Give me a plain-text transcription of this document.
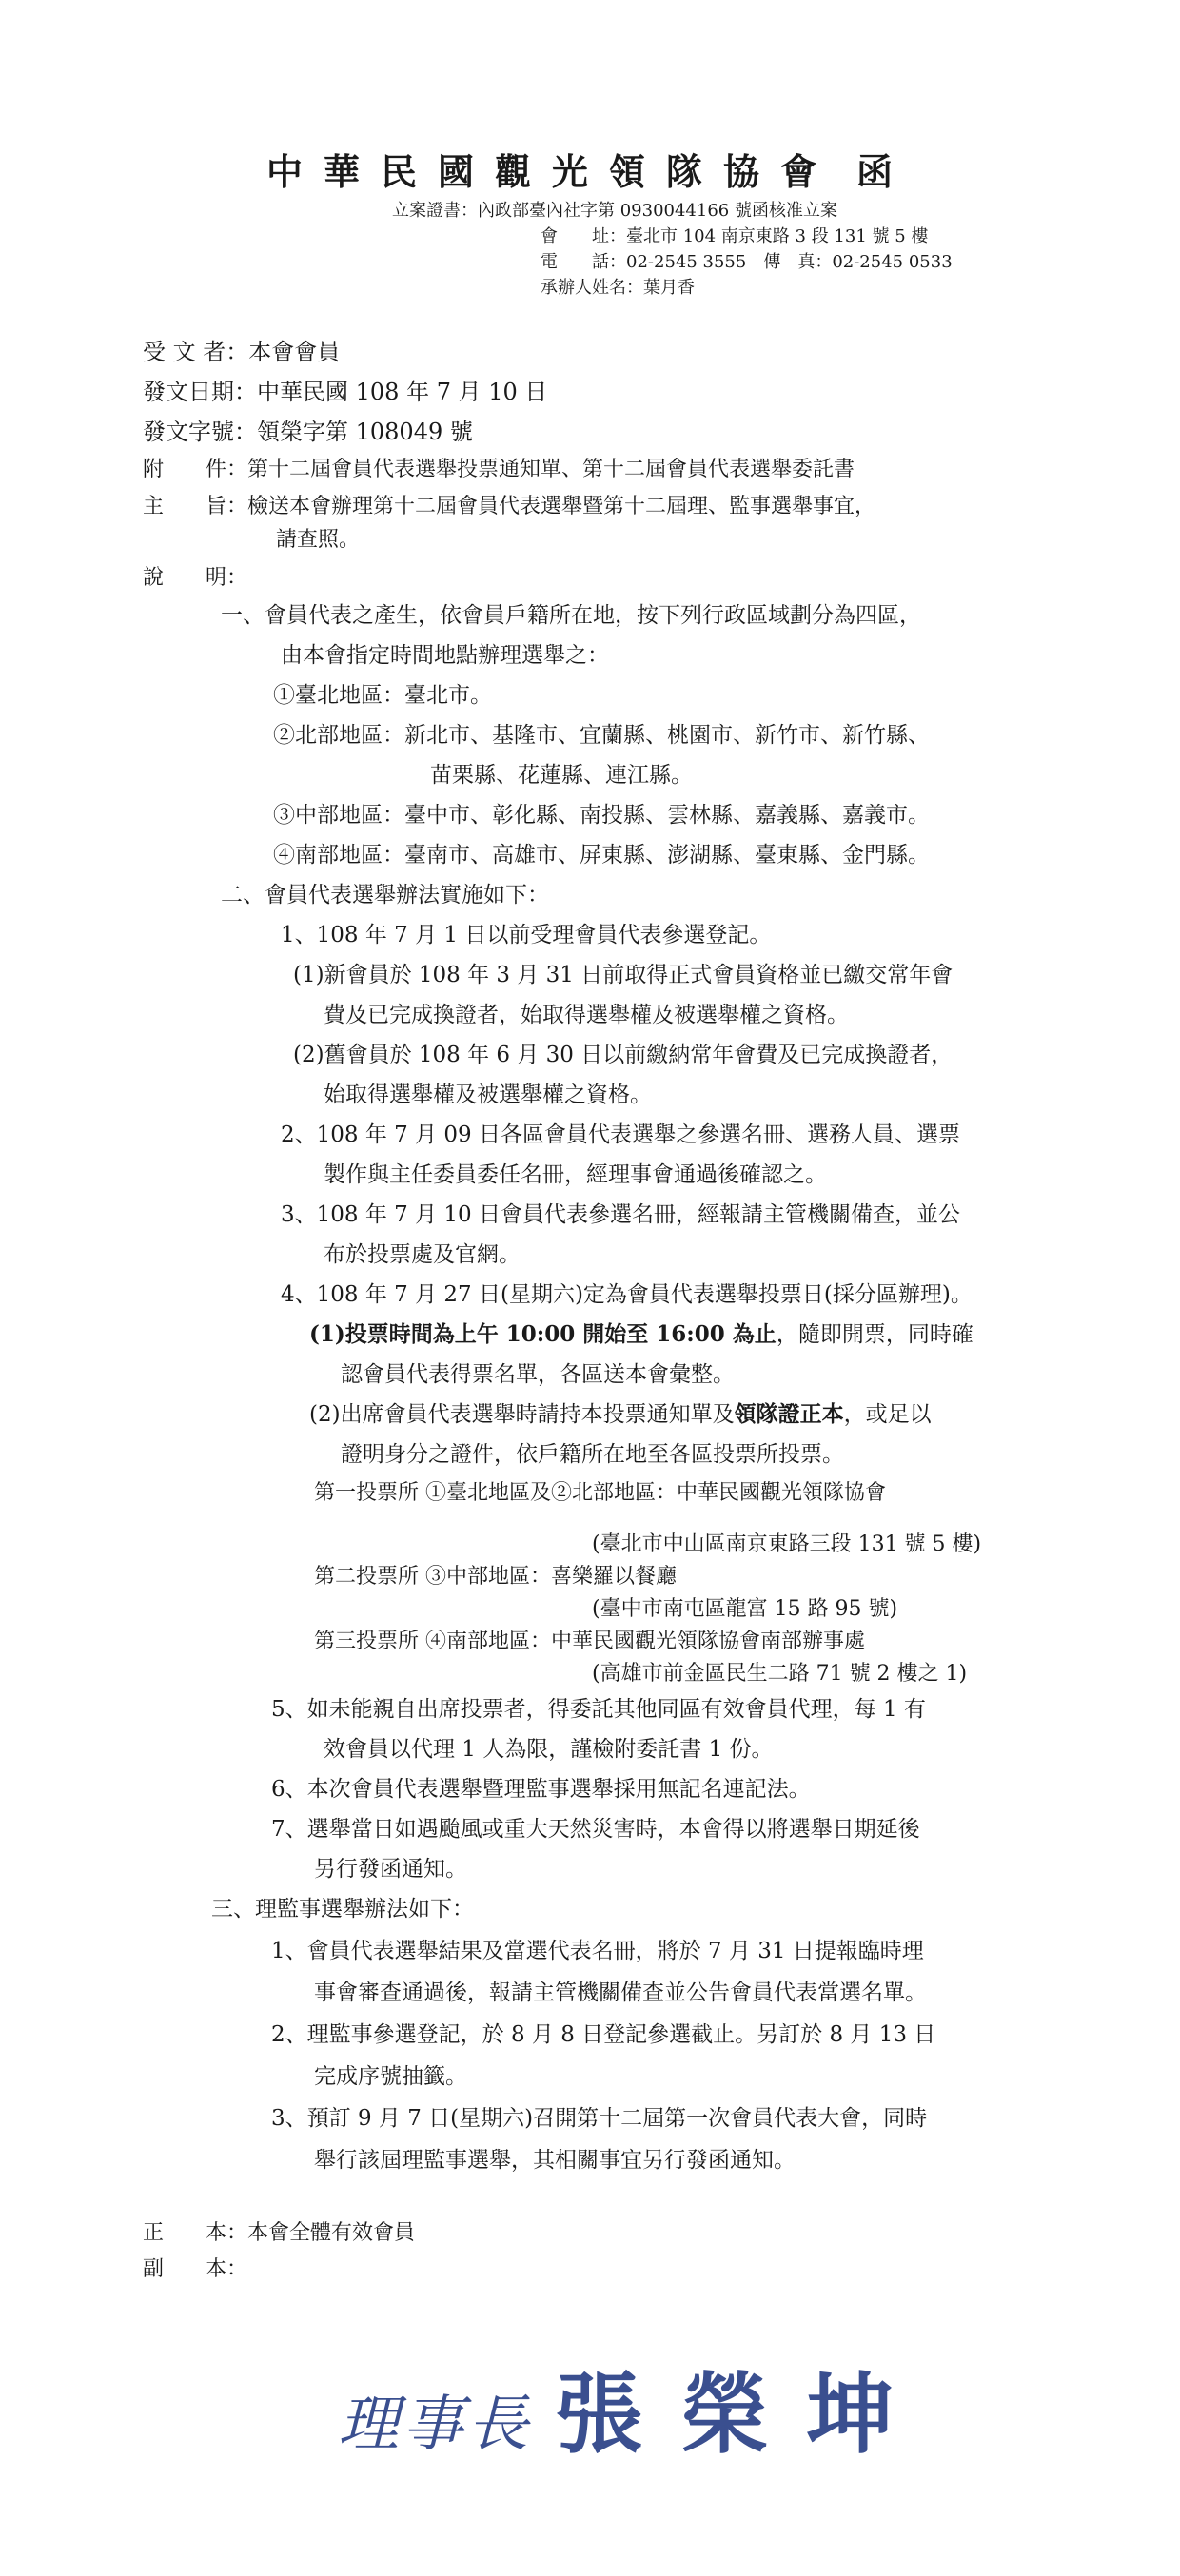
中華民國觀光領隊協會 函
立案證書：內政部臺內社字第 0930044166 號函核准立案
會　　址：臺北市 104 南京東路 3 段 131 號 5 樓
電　　話：02-2545 3555　傳　真：02-2545 0533
承辦人姓名：葉月香
受 文 者：本會會員
發文日期：中華民國 108 年 7 月 10 日
發文字號：領榮字第 108049 號
附　　件：第十二屆會員代表選舉投票通知單、第十二屆會員代表選舉委託書
主　　旨：檢送本會辦理第十二屆會員代表選舉暨第十二屆理、監事選舉事宜，
請查照。
說　　明：
一、會員代表之產生，依會員戶籍所在地，按下列行政區域劃分為四區，
由本會指定時間地點辦理選舉之：
①臺北地區：臺北市。
②北部地區：新北市、基隆市、宜蘭縣、桃園市、新竹市、新竹縣、
苗栗縣、花蓮縣、連江縣。
③中部地區：臺中市、彰化縣、南投縣、雲林縣、嘉義縣、嘉義市。
④南部地區：臺南市、高雄市、屏東縣、澎湖縣、臺東縣、金門縣。
二、會員代表選舉辦法實施如下：
1、108 年 7 月 1 日以前受理會員代表參選登記。
(1)新會員於 108 年 3 月 31 日前取得正式會員資格並已繳交常年會
費及已完成換證者，始取得選舉權及被選舉權之資格。
(2)舊會員於 108 年 6 月 30 日以前繳納常年會費及已完成換證者，
始取得選舉權及被選舉權之資格。
2、108 年 7 月 09 日各區會員代表選舉之參選名冊、選務人員、選票
製作與主任委員委任名冊，經理事會通過後確認之。
3、108 年 7 月 10 日會員代表參選名冊，經報請主管機關備查，並公
布於投票處及官網。
4、108 年 7 月 27 日(星期六)定為會員代表選舉投票日(採分區辦理)。
(1)投票時間為上午 10:00 開始至 16:00 為止，隨即開票，同時確
認會員代表得票名單，各區送本會彙整。
(2)出席會員代表選舉時請持本投票通知單及領隊證正本，或足以
證明身分之證件，依戶籍所在地至各區投票所投票。
第一投票所 ①臺北地區及②北部地區：中華民國觀光領隊協會
(臺北市中山區南京東路三段 131 號 5 樓)
第二投票所 ③中部地區：喜樂羅以餐廳
(臺中市南屯區龍富 15 路 95 號)
第三投票所 ④南部地區：中華民國觀光領隊協會南部辦事處
(高雄市前金區民生二路 71 號 2 樓之 1)
5、如未能親自出席投票者，得委託其他同區有效會員代理，每 1 有
效會員以代理 1 人為限，謹檢附委託書 1 份。
6、本次會員代表選舉暨理監事選舉採用無記名連記法。
7、選舉當日如遇颱風或重大天然災害時，本會得以將選舉日期延後
另行發函通知。
三、理監事選舉辦法如下：
1、會員代表選舉結果及當選代表名冊，將於 7 月 31 日提報臨時理
事會審查通過後，報請主管機關備查並公告會員代表當選名單。
2、理監事參選登記，於 8 月 8 日登記參選截止。另訂於 8 月 13 日
完成序號抽籤。
3、預訂 9 月 7 日(星期六)召開第十二屆第一次會員代表大會，同時
舉行該屆理監事選舉，其相關事宜另行發函通知。
正　　本：本會全體有效會員
副　　本：
理事長 張榮坤
